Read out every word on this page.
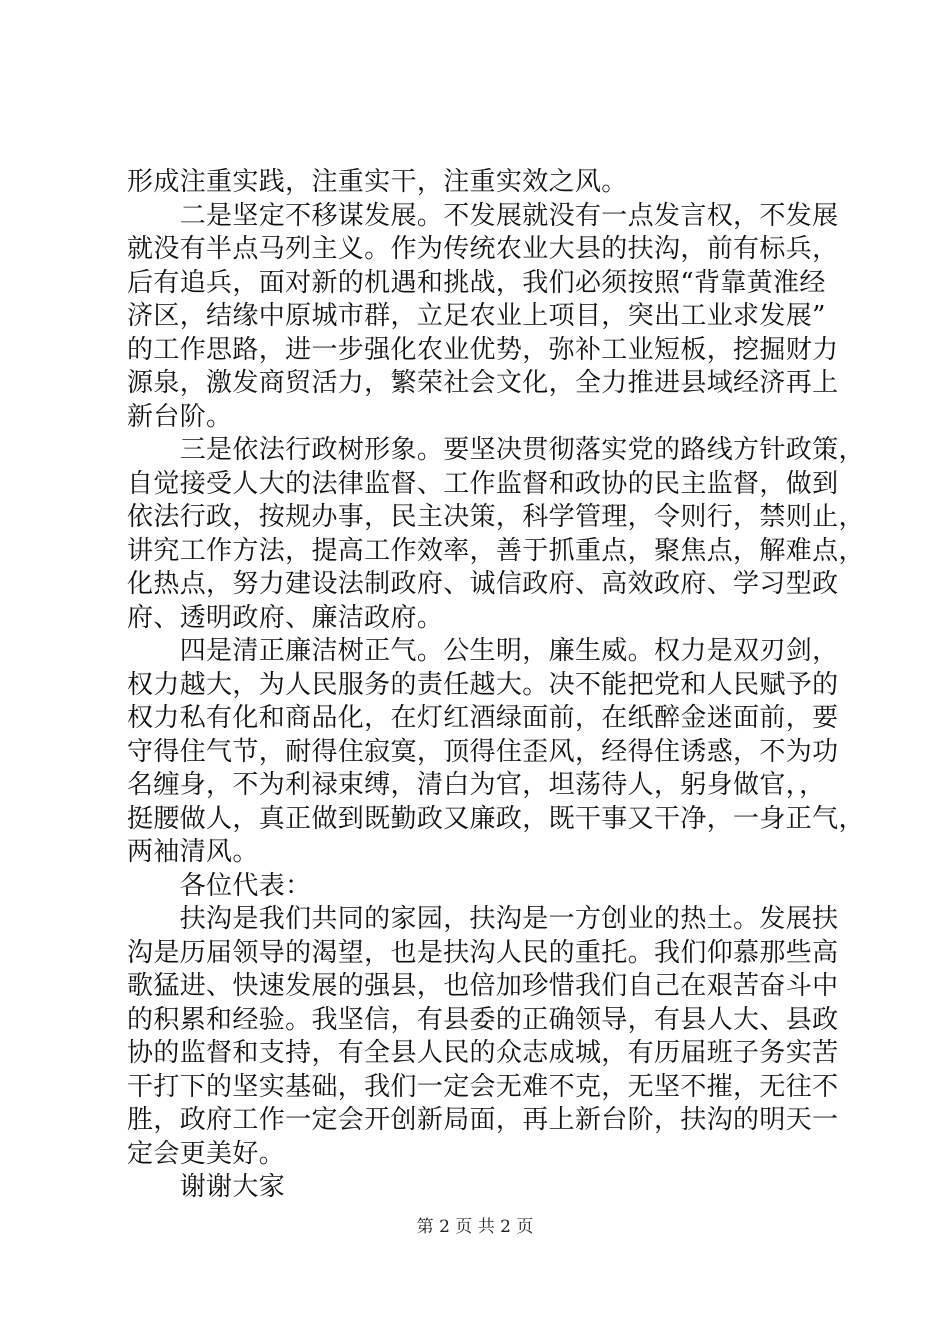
形成注重实践，注重实干，注重实效之风。
　　二是坚定不移谋发展。不发展就没有一点发言权，不发展
就没有半点马列主义。作为传统农业大县的扶沟，前有标兵，
后有追兵，面对新的机遇和挑战，我们必须按照“背靠黄淮经
济区，结缘中原城市群，立足农业上项目，突出工业求发展”
的工作思路，进一步强化农业优势，弥补工业短板，挖掘财力
源泉，激发商贸活力，繁荣社会文化，全力推进县域经济再上
新台阶。
　　三是依法行政树形象。要坚决贯彻落实党的路线方针政策，
自觉接受人大的法律监督、工作监督和政协的民主监督，做到
依法行政，按规办事，民主决策，科学管理，令则行，禁则止，
讲究工作方法，提高工作效率，善于抓重点，聚焦点，解难点，
化热点，努力建设法制政府、诚信政府、高效政府、学习型政
府、透明政府、廉洁政府。
　　四是清正廉洁树正气。公生明，廉生威。权力是双刃剑，
权力越大，为人民服务的责任越大。决不能把党和人民赋予的
权力私有化和商品化，在灯红酒绿面前，在纸醉金迷面前，要
守得住气节，耐得住寂寞，顶得住歪风，经得住诱惑，不为功
名缠身，不为利禄束缚，清白为官，坦荡待人，躬身做官，，
挺腰做人，真正做到既勤政又廉政，既干事又干净，一身正气，
两袖清风。
　　各位代表：
　　扶沟是我们共同的家园，扶沟是一方创业的热土。发展扶
沟是历届领导的渴望，也是扶沟人民的重托。我们仰慕那些高
歌猛进、快速发展的强县，也倍加珍惜我们自己在艰苦奋斗中
的积累和经验。我坚信，有县委的正确领导，有县人大、县政
协的监督和支持，有全县人民的众志成城，有历届班子务实苦
干打下的坚实基础，我们一定会无难不克，无坚不摧，无往不
胜，政府工作一定会开创新局面，再上新台阶，扶沟的明天一
定会更美好。
　　谢谢大家
第 2 页 共 2 页
